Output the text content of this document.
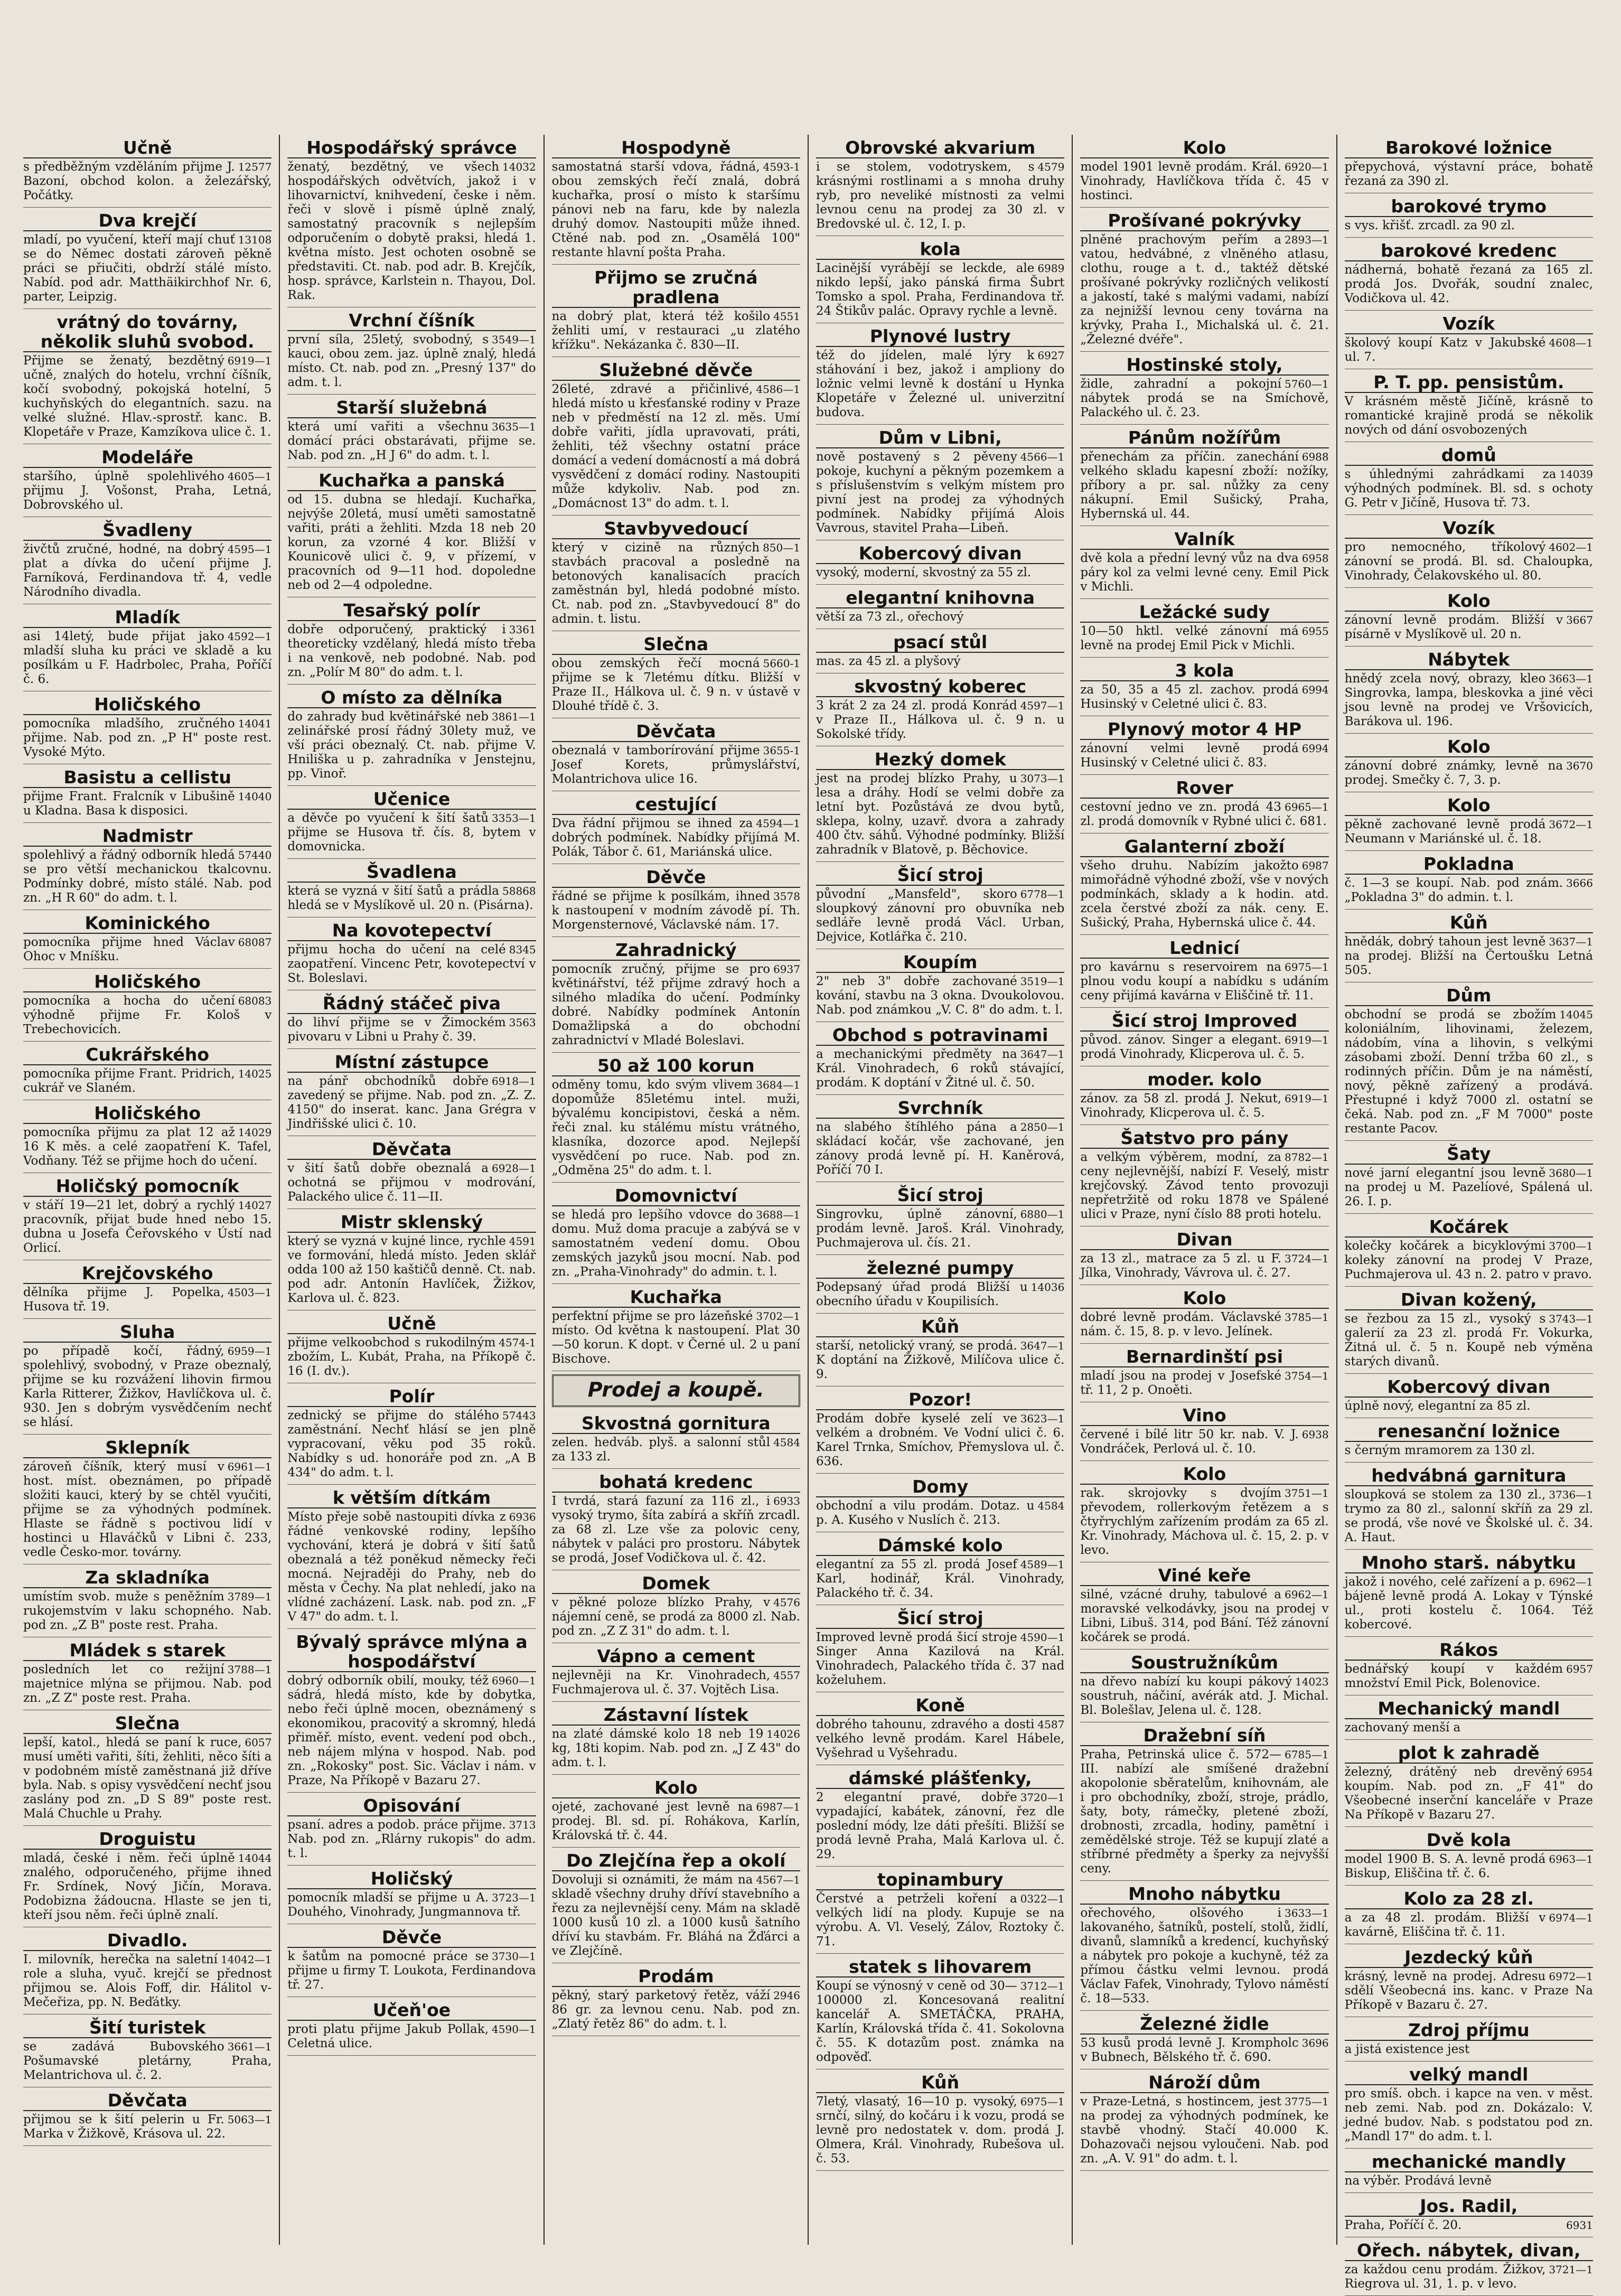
Učně
12577
s předběžným vzděláním přijme J. Bazoní, obchod kolon. a železářský, Počátky.
Dva krejčí
13108
mladí, po vyučení, kteří mají chuť se do Němec dostati zároveň pěkně práci se přiučiti, obdrží stálé místo. Nabíd. pod adr. Matthäikirchhof Nr. 6, parter, Leipzig.
vrátný do továrny, několik sluhů svobod.
6919—1
Přijme se ženatý, bezdětný učně, znalých do hotelu, vrchní číšník, kočí svobodný, pokojská hotelní, 5 kuchyňských do elegantních. sazu. na velké služné. Hlav.-sprostř. kanc. B. Klopetáře v Praze, Kamzíkova ulice č. 1.
Modeláře
4605—1
staršího, úplně spolehlivého přijmu J. Vošonst, Praha, Letná, Dobrovského ul.
Švadleny
4595—1
živčtů zručné, hodné, na dobrý plat a dívka do učení přijme J. Farníková, Ferdinandova tř. 4, vedle Národního divadla.
Mladík
4592—1
asi 14letý, bude přijat jako mladší sluha ku práci ve skladě a ku posílkám u F. Hadrbolec, Praha, Poříčí č. 6.
Holičského
14041
pomocníka mladšího, zručného přijme. Nab. pod zn. „P H" poste rest. Vysoké Mýto.
Basistu a cellistu
14040
přijme Frant. Fralcník v Libušině u Kladna. Basa k disposici.
Nadmistr
57440
spolehlivý a řádný odborník hledá se pro větší mechanickou tkalcovnu. Podmínky dobré, místo stálé. Nab. pod zn. „H R 60" do adm. t. l.
Kominického
68087
pomocníka přijme hned Václav Ohoc v Mníšku.
Holičského
68083
pomocníka a hocha do učení výhodně přijme Fr. Kološ v Trebechovicích.
Cukrářského
14025
pomocníka přijme Frant. Pridrich, cukrář ve Slaném.
Holičského
14029
pomocníka přijmu za plat 12 až 16 K měs. a celé zaopatření K. Tafel, Vodňany. Též se přijme hoch do učení.
Holičský pomocník
14027
v stáří 19—21 let, dobrý a rychlý pracovník, přijat bude hned nebo 15. dubna u Josefa Čeřovského v Ústí nad Orlicí.
Krejčovského
4503—1
dělníka přijme J. Popelka, Husova tř. 19.
Sluha
6959—1
po případě kočí, řádný, spolehlivý, svobodný, v Praze obeznalý, přijme se ku rozvážení lihovin firmou Karla Ritterer, Žižkov, Havlíčkova ul. č. 930. Jen s dobrým vysvědčením nechť se hlásí.
Sklepník
6961—1
zároveň číšník, který musí v host. míst. obeznámen, po případě složiti kauci, který by se chtěl vyučiti, přijme se za výhodných podmínek. Hlaste se řádně s poctivou lidí v hostinci u Hlaváčků v Libni č. 233, vedle Česko-mor. továrny.
Za skladníka
3789—1
umístím svob. muže s peněžním rukojemstvím v laku schopného. Nab. pod zn. „Z B" poste rest. Praha.
Mládek s starek
3788—1
posledních let co režijní majetnice mlýna se přijmou. Nab. pod zn. „Z Z" poste rest. Praha.
Slečna
6057
lepší, katol., hledá se paní k ruce, musí uměti vařiti, šíti, žehliti, něco šíti a v podobném místě zaměstnaná již dříve byla. Nab. s opisy vysvědčení nechť jsou zaslány pod zn. „D S 89" poste rest. Malá Chuchle u Prahy.
Droguistu
14044
mladá, české i něm. řeči úplně znalého, odporučeného, přijme ihned Fr. Srdínek, Nový Jičín, Morava. Podobizna žádoucna. Hlaste se jen ti, kteří jsou něm. řeči úplně znalí.
Divadlo.
14042—1
I. milovník, herečka na saletní role a sluha, vyuč. krejčí se přednost přijmou se. Alois Foff, dir. Hálitol v-Mečeřiza, pp. N. Beďátky.
Šití turistek
3661—1
se zadává Bubovského Pošumavské pletárny, Praha, Melantrichova ul. č. 2.
Děvčata
5063—1
přijmou se k šití pelerin u Fr. Marka v Žižkově, Krásova ul. 22.
Hospodářský správce
14032
ženatý, bezdětný, ve všech hospodářských odvětvích, jakož i v lihovarnictví, knihvedení, česke i něm. řeči v slově i písmě úplně znalý, samostatný pracovník s nejlepším odporučením o dobytě praksi, hledá 1. května místo. Jest ochoten osobně se představiti. Ct. nab. pod adr. B. Krejčík, hosp. správce, Karlstein n. Thayou, Dol. Rak.
Vrchní číšník
3549—1
první síla, 25letý, svobodný, s kauci, obou zem. jaz. úplně znalý, hledá místo. Ct. nab. pod zn. „Presný 137" do adm. t. l.
Starší služebná
3635—1
která umí vařiti a všechnu domácí práci obstarávati, přijme se. Nab. pod zn. „H J 6" do adm. t. l.
Kuchařka a panská
od 15. dubna se hledají. Kuchařka, nejvýše 20letá, musí uměti samostatně vařiti, práti a žehliti. Mzda 18 neb 20 korun, za vzorné 4 kor. Bližší v Kounicově ulici č. 9, v přízemí, v pracovních od 9—11 hod. dopoledne neb od 2—4 odpoledne.
Tesařský polír
3361
dobře odporučený, praktický i theoreticky vzdělaný, hledá místo třeba i na venkově, neb podobné. Nab. pod zn. „Polír M 80" do adm. t. l.
O místo za dělníka
3861—1
do zahrady bud květinářské neb zelinářské prosí řádný 30lety muž, ve vší práci obeznalý. Ct. nab. přijme V. Hniliška u p. zahradníka v Jenstejnu, pp. Vinoř.
Učenice
3353—1
a děvče po vyučení k šití šatů přijme se Husova tř. čís. 8, bytem v domovnicka.
Švadlena
58868
která se vyzná v šití šatů a prádla hledá se v Myslíkově ul. 20 n. (Pisárna).
Na kovotepectví
8345
přijmu hocha do učení na celé zaopatření. Vincenc Petr, kovotepectví v St. Boleslavi.
Řádný stáčeč piva
3563
do lihví přijme se v Žimockém pivovaru v Libni u Prahy č. 39.
Místní zástupce
6918—1
na pánř obchodníků dobře zavedený se přijme. Nab. pod zn. „Z. Z. 4150" do inserat. kanc. Jana Grégra v Jindřišské ulici č. 10.
Děvčata
6928—1
v šití šatů dobře obeznalá a ochotná se přijmou v modrování, Palackého ulice č. 11—II.
Mistr sklenský
4591
který se vyzná v kujné lince, rychle ve formování, hledá místo. Jeden sklář odda 100 až 150 kaštičů denně. Ct. nab. pod adr. Antonín Havlíček, Žižkov, Karlova ul. č. 823.
Učně
4574-1
přijme velkoobchod s rukodilným zbožím, L. Kubát, Praha, na Příkopě č. 16 (I. dv.).
Polír
57443
zednický se přijme do stálého zaměstnání. Nechť hlásí se jen plně vypracovaní, věku pod 35 roků. Nabídky s ud. honoráře pod zn. „A B 434" do adm. t. l.
k větším dítkám
6936
Místo přeje sobě nastoupiti dívka z řádné venkovské rodiny, lepšího vychování, která je dobrá v šití šatů obeznalá a též poněkud německy řeči mocná. Nejraději do Prahy, neb do města v Čechy. Na plat nehledí, jako na vlídné zacházení. Lask. nab. pod zn. „F V 47" do adm. t. l.
Bývalý správce mlýna a hospodářství
6960—1
dobrý odborník obilí, mouky, též sádrá, hledá místo, kde by dobytka, nebo řeči úplně mocen, obeznámený s ekonomikou, pracovitý a skromný, hledá přiměř. místo, event. vedení pod obch., neb nájem mlýna v hospod. Nab. pod zn. „Rokosky" post. Sic. Václav i nám. v Praze, Na Příkopě v Bazaru 27.
Opisování
3713
psaní. adres a podob. práce přijme. Nab. pod zn. „Rlárny rukopis" do adm. t. l.
Holičský
3723—1
pomocník mladší se přijme u A. Douhého, Vinohrady, Jungmannova tř.
Děvče
3730—1
k šatům na pomocné práce se přijme u firmy T. Loukota, Ferdinandova tř. 27.
Učeň'oe
4590—1
proti platu přijme Jakub Pollak, Celetná ulice.
Hospodyně
4593-1
samostatná starší vdova, řádná, obou zemských řečí znalá, dobrá kuchařka, prosí o místo k staršímu pánovi neb na faru, kde by nalezla druhý domov. Nastoupiti může ihned. Ctěné nab. pod zn. „Osamělá 100" restante hlavní pošta Praha.
Přijmo se zručná pradlena
4551
na dobrý plat, která též košilo žehliti umí, v restauraci „u zlatého křížku". Nekázanka č. 830—II.
Služebné děvče
4586—1
26leté, zdravé a přičinlivé, hledá místo u křesťanské rodiny v Praze neb v předměstí na 12 zl. měs. Umí dobře vařiti, jídla upravovati, práti, žehliti, též všechny ostatní práce domácí a vedení domácností a má dobrá vysvědčení z domácí rodiny. Nastoupiti může kdykoliv. Nab. pod zn. „Domácnost 13" do adm. t. l.
Stavbyvedoucí
850—1
který v cizině na různých stavbách pracoval a posledně na betonových kanalisacích pracích zaměstnán byl, hledá podobné místo. Ct. nab. pod zn. „Stavbyvedoucí 8" do admin. t. listu.
Slečna
5660-1
obou zemských řečí mocná přijme se k 7letému dítku. Bližší v Praze II., Hálkova ul. č. 9 n. v ústavě v Dlouhé třídě č. 3.
Děvčata
3655-1
obeznalá v tamborírování přijme Josef Korets, průmyslářství, Molantrichova ulice 16.
cestující
4594—1
Dva řádní přijmou se ihned za dobrých podmínek. Nabídky přijímá M. Polák, Tábor č. 61, Mariánská ulice.
Děvče
3578
řádné se přijme k posílkám, ihned k nastoupení v modním závodě pí. Th. Morgensternové, Václavské nám. 17.
Zahradnický
6937
pomocník zručný, přijme se pro květinářství, též přijme zdravý hoch a silného mladíka do učení. Podmínky dobré. Nabídky podmínek Antonín Domažlipská a do obchodní zahradnictví v Mladé Boleslavi.
50 až 100 korun
3684—1
odměny tomu, kdo svým vlivem dopomůže 85letému intel. muži, bývalému koncipistovi, česká a něm. řeči znal. ku stálému místu vrátného, klasníka, dozorce apod. Nejlepší vysvědčení po ruce. Nab. pod zn. „Odměna 25" do adm. t. l.
Domovnictví
3688—1
se hledá pro lepšího vdovce do domu. Muž doma pracuje a zabývá se v samostatném vedení domu. Obou zemských jazyků jsou mocní. Nab. pod zn. „Praha-Vinohrady" do admin. t. l.
Kuchařka
3702—1
perfektní přijme se pro lázeňské místo. Od května k nastoupení. Plat 30—50 korun. K dopt. v Černé ul. 2 u paní Bischove.
Prodej a koupě.
Skvostná gornitura
4584
zelen. hedváb. plyš. a salonní stůl za 133 zl.
bohatá kredenc
6933
I tvrdá, stará fazuní za 116 zl., i vysoký trymo, šíta zabírá a skříň zrcadl. za 68 zl. Lze vše za polovic ceny, nábytek v paláci pro prostoru. Nábytek se prodá, Josef Vodičkova ul. č. 42.
Domek
4576
v pěkné poloze blízko Prahy, v nájemní ceně, se prodá za 8000 zl. Nab. pod zn. „Z Z 31" do adm. t. l.
Vápno a cement
4557
nejlevněji na Kr. Vinohradech, Fuchmajerova ul. č. 37. Vojtěch Lisa.
Zástavní lístek
14026
na zlaté dámské kolo 18 neb 19 kg, 18ti kopim. Nab. pod zn. „J Z 43" do adm. t. l.
Kolo
6987—1
ojeté, zachované jest levně na prodej. Bl. sd. pí. Rohákova, Karlín, Královská tř. č. 44.
Do Zlejčína řep a okolí
4567—1
Dovoluji si oznámiti, že mám na skladě všechny druhy dříví stavebního a řezu za nejlevnější ceny. Mám na skladě 1000 kusů 10 zl. a 1000 kusů šatního dříví ku stavbám. Fr. Bláhá na Žďárci a ve Zlejčíně.
Prodám
2946
pěkný, starý parketový řetěz, váží 86 gr. za levnou cenu. Nab. pod zn. „Zlatý řetěz 86" do adm. t. l.
Obrovské akvarium
4579
i se stolem, vodotryskem, s krásnými rostlinami a s mnoha druhy ryb, pro neveliké místnosti za velmi levnou cenu na prodej za 30 zl. v Bredovské ul. č. 12, I. p.
kola
6989
Lacinější vyrábějí se leckde, ale nikdo lepší, jako pánská firma Šubrt Tomsko a spol. Praha, Ferdinandova tř. 24 Štikův palác. Opravy rychle a levně.
Plynové lustry
6927
též do jídelen, malé lýry k stáhování i bez, jakož i ampliony do ložnic velmi levně k dostání u Hynka Klopetáře v Železné ul. univerzitní budova.
Dům v Libni,
4566—1
nově postavený s 2 pěveny pokoje, kuchyní a pěkným pozemkem a s příslušenstvím s velkým místem pro pivní jest na prodej za výhodných podmínek. Nabídky přijímá Alois Vavrous, stavitel Praha—Libeň.
Kobercový divan
vysoký, moderní, skvostný za 55 zl.
elegantní knihovna
větší za 73 zl., ořechový
psací stůl
mas. za 45 zl. a plyšový
skvostný koberec
4597—1
3 krát 2 za 24 zl. prodá Konrád v Praze II., Hálkova ul. č. 9 n. u Sokolské třídy.
Hezký domek
3073—1
jest na prodej blízko Prahy, u lesa a dráhy. Hodí se velmi dobře za letní byt. Pozůstává ze dvou bytů, sklepa, kolny, uzavř. dvora a zahrady 400 čtv. sáhů. Výhodné podmínky. Bližší zahradník v Blatově, p. Běchovice.
Šicí stroj
6778—1
původní „Mansfeld", skoro sloupkový zánovní pro obuvníka neb sedláře levně prodá Václ. Urban, Dejvice, Kotlářka č. 210.
Koupím
3519—1
2" neb 3" dobře zachované kování, stavbu na 3 okna. Dvoukolovou. Nab. pod známkou „V. C. 8" do adm. t. l.
Obchod s potravinami
3647—1
a mechanickými předměty na Král. Vinohradech, 6 roků stávající, prodám. K doptání v Žitné ul. č. 50.
Svrchník
2850—1
na slabého štíhlého pána a skládací kočár, vše zachované, jen zánovy prodá levně pí. H. Kaněrová, Poříčí 70 I.
Šicí stroj
6880—1
Singrovku, úplně zánovní, prodám levně. Jaroš. Král. Vinohrady, Puchmajerova ul. čís. 21.
železné pumpy
14036
Podepsaný úřad prodá Bližší u obecního úřadu v Koupilisích.
Kůň
3647—1
starší, netolický vraný, se prodá. K doptání na Žižkově, Milíčova ulice č. 9.
Pozor!
3623—1
Prodám dobře kyselé zelí ve velkém a drobném. Ve Vodní ulici č. 6. Karel Trnka, Smíchov, Přemyslova ul. č. 636.
Domy
4584
obchodní a vilu prodám. Dotaz. u p. A. Kusého v Nuslích č. 213.
Dámské kolo
4589—1
elegantní za 55 zl. prodá Josef Karl, hodinář, Král. Vinohrady, Palackého tř. č. 34.
Šicí stroj
4590—1
Improved levně prodá šicí stroje Singer Anna Kazilová na Král. Vinohradech, Palackého třída č. 37 nad koželuhem.
Koně
4587
dobrého tahounu, zdravého a dosti velkého levně prodám. Karel Hábele, Vyšehrad u Vyšehradu.
dámské plášťenky,
3720—1
2 elegantní pravé, dobře vypadající, kabátek, zánovní, řez dle poslední módy, lze dáti přešíti. Bližší se prodá levně Praha, Malá Karlova ul. č. 29.
topinambury
0322—1
Čerstvé a petrželi koření a velkých lidí na plody. Kupuje se na výrobu. A. Vl. Veselý, Zálov, Roztoky č. 71.
statek s lihovarem
3712—1
Koupí se výnosný v ceně od 30—100000 zl. Koncesovaná realitní kancelář A. SMETÁČKA, PRAHA, Karlín, Královská třída č. 41. Sokolovna č. 55. K dotazům post. známka na odpověď.
Kůň
6975—1
7letý, vlasatý, 16—10 p. vysoký, srnčí, silný, do kočáru i k vozu, prodá se levně pro nedostatek v. dom. prodá J. Olmera, Král. Vinohrady, Rubešova ul. č. 53.
Kolo
6920—1
model 1901 levně prodám. Král. Vinohrady, Havlíčkova třída č. 45 v hostinci.
Prošívané pokrývky
2893—1
plněné prachovým peřím a vatou, hedvábné, z vlněného atlasu, clothu, rouge a t. d., taktéž dětské prošívané pokrývky rozličných velikostí a jakostí, také s malými vadami, nabízí za nejnižší levnou ceny továrna na krývky, Praha I., Michalská ul. č. 21. „Železné dvéře".
Hostinské stoly,
5760—1
židle, zahradní a pokojní nábytek prodá se na Smíchově, Palackého ul. č. 23.
Pánům nožířům
6988
přenechám za příčin. zanechání velkého skladu kapesní zboží: nožíky, příbory a pr. sal. nůžky za ceny nákupní. Emil Sušický, Praha, Hybernská ul. 44.
Valník
6958
dvě kola a přední levný vůz na dva páry kol za velmi levné ceny. Emil Pick v Michli.
Ležácké sudy
6955
10—50 hktl. velké zánovní má levně na prodej Emil Pick v Michli.
3 kola
6994
za 50, 35 a 45 zl. zachov. prodá Husinský v Celetné ulici č. 83.
Plynový motor 4 HP
6994
zánovní velmi levně prodá Husinský v Celetné ulici č. 83.
Rover
6965—1
cestovní jedno ve zn. prodá 43 zl. prodá domovník v Rybné ulici č. 681.
Galanterní zboží
6987
všeho druhu. Nabízím jakožto mimořádně výhodné zboží, vše v nových podmínkách, sklady a k hodin. atd. zcela čerstvé zboží za nák. ceny. E. Sušický, Praha, Hybernská ulice č. 44.
Lednicí
6975—1
pro kavárnu s reservoirem na plnou vodu koupí a nabídku s udáním ceny přijímá kavárna v Eliščině tř. 11.
Šicí stroj Improved
6919—1
původ. zánov. Singer a elegant. prodá Vinohrady, Klicperova ul. č. 5.
moder. kolo
6919—1
zánov. za 58 zl. prodá J. Nekut, Vinohrady, Klicperova ul. č. 5.
Šatstvo pro pány
8782—1
a velkým výběrem, modní, za ceny nejlevnější, nabízí F. Veselý, mistr krejčovský. Závod tento provozuji nepřetržitě od roku 1878 ve Spálené ulici v Praze, nyní číslo 88 proti hotelu.
Divan
3724—1
za 13 zl., matrace za 5 zl. u F. Jílka, Vinohrady, Vávrova ul. č. 27.
Kolo
3785—1
dobré levně prodám. Václavské nám. č. 15, 8. p. v levo. Jelínek.
Bernardinští psi
3754—1
mladí jsou na prodej v Josefské tř. 11, 2 p. Onoěti.
Vino
6938
červené i bílé litr 50 kr. nab. V. J. Vondráček, Perlová ul. č. 10.
Kolo
3751—1
rak. skrojovky s dvojím převodem, rollerkovým řetězem a s čtyřrychlým zařízením prodám za 65 zl. Kr. Vinohrady, Máchova ul. č. 15, 2. p. v levo.
Viné keře
6962—1
silné, vzácné druhy, tabulové a moravské velkodávky, jsou na prodej v Libni, Libuš. 314, pod Bání. Též zánovní kočárek se prodá.
Soustružníkům
14023
na dřevo nabízí ku koupi pákový soustruh, náčiní, avérák atd. J. Michal. Bl. Bolešlav, Jelena ul. č. 128.
Dražební síň
6785—1
Praha, Petrinská ulice č. 572—III. nabízí ale smíšené dražební akopolonie sběratelům, knihovnám, ale i pro obchodníky, zboží, stroje, prádlo, šaty, boty, rámečky, pletené zboží, drobnosti, zrcadla, hodiny, pamětní i zemědělské stroje. Též se kupují zlaté a stříbrné předměty a šperky za nejvyšší ceny.
Mnoho nábytku
3633—1
ořechového, olšového i lakovaného, šatníků, postelí, stolů, židlí, divanů, slamníků a kredencí, kuchyňský a nábytek pro pokoje a kuchyně, též za přímou částku velmi levnou. prodá Václav Fafek, Vinohrady, Tylovo náměstí č. 18—533.
Železné židle
3696
53 kusů prodá levně J. Krompholc v Bubnech, Bělského tř. č. 690.
Nároží dům
3775—1
v Praze-Letná, s hostincem, jest na prodej za výhodných podmínek, ke stavbě vhodný. Stačí 40.000 K. Dohazovači nejsou vyloučeni. Nab. pod zn. „A. V. 91" do adm. t. l.
Barokové ložnice
přepychová, výstavní práce, bohatě řezaná za 390 zl.
barokové trymo
s vys. křišť. zrcadl. za 90 zl.
barokové kredenc
nádherná, bohatě řezaná za 165 zl. prodá Jos. Dvořák, soudní znalec, Vodičkova ul. 42.
Vozík
4608—1
školový koupí Katz v Jakubské ul. 7.
P. T. pp. pensistům.
V krásném městě Jičíně, krásně to romantické krajině prodá se několik nových od dání osvobozených
domů
14039
s úhlednými zahrádkami za výhodných podmínek. Bl. sd. s ochoty G. Petr v Jičíně, Husova tř. 73.
Vozík
4602—1
pro nemocného, tříkolový zánovní se prodá. Bl. sd. Chaloupka, Vinohrady, Čelakovského ul. 80.
Kolo
3667
zánovní levně prodám. Bližší v písárně v Myslíkově ul. 20 n.
Nábytek
3663—1
hnědý zcela nový, obrazy, kleo Singrovka, lampa, bleskovka a jiné věci jsou levně na prodej ve Vršovicích, Barákova ul. 196.
Kolo
3670
zánovní dobré známky, levně na prodej. Smečky č. 7, 3. p.
Kolo
3672—1
pěkně zachované levně prodá Neumann v Mariánské ul. č. 18.
Pokladna
3666
č. 1—3 se koupí. Nab. pod znám. „Pokladna 3" do admin. t. l.
Kůň
3637—1
hnědák, dobrý tahoun jest levně na prodej. Bližší na Čertoušku Letná 505.
Dům
14045
obchodní se prodá se zbožím koloniálním, lihovinami, železem, nádobím, vína a lihovin, s velkými zásobami zboží. Denní tržba 60 zl., s rodinných příčin. Dům je na náměstí, nový, pěkně zařízený a prodává. Přestupné i když 7000 zl. ostatní se čeká. Nab. pod zn. „F M 7000" poste restante Pacov.
Šaty
3680—1
nové jarní elegantní jsou levně na prodej u M. Pazelíové, Spálená ul. 26. I. p.
Kočárek
3700—1
kolečky kočárek a bicyklovými koleky zánovní na prodej V Praze, Puchmajerova ul. 43 n. 2. patro v pravo.
Divan kožený,
3743—1
se řezbou za 15 zl., vysoký s galerií za 23 zl. prodá Fr. Vokurka, Žitná ul. č. 5 n. Koupě neb výměna starých divanů.
Kobercový divan
úplně nový, elegantní za 85 zl.
renesanční ložnice
s černým mramorem za 130 zl.
hedvábná garnitura
3736—1
sloupková se stolem za 130 zl., trymo za 80 zl., salonní skříň za 29 zl. se prodá, vše nové ve Školské ul. č. 34. A. Haut.
Mnoho starš. nábytku
6962—1
jakož i nového, celé zařízení a p. bájeně levně prodá A. Lokay v Týnské ul., proti kostelu č. 1064. Též kobercové.
Rákos
6957
bednářský koupí v každém množství Emil Pick, Bolenovice.
Mechanický mandl
zachovaný menší a
plot k zahradě
6954
železný, drátěný neb drevěný koupím. Nab. pod zn. „F 41" do Všeobecné inserční kanceláře v Praze Na Příkopě v Bazaru 27.
Dvě kola
6963—1
model 1900 B. S. A. levně prodá Biskup, Eliščina tř. č. 6.
Kolo za 28 zl.
6974—1
a za 48 zl. prodám. Bližší v kavárně, Eliščina tř. č. 11.
Jezdecký kůň
6972—1
krásný, levně na prodej. Adresu sdělí Všeobecná ins. kanc. v Praze Na Příkopě v Bazaru č. 27.
Zdroj příjmu
a jistá existence jest
velký mandl
pro smíš. obch. i kapce na ven. v měst. neb zemi. Nab. pod zn. Dokázalo: V. jedné budov. Nab. s podstatou pod zn. „Mandl 17" do adm. t. l.
mechanické mandly
na výběr. Prodává levně
Jos. Radil,
6931
Praha, Poříčí č. 20.
Ořech. nábytek, divan,
3721—1
za každou cenu prodám. Žižkov, Riegrova ul. 31, 1. p. v levo.
